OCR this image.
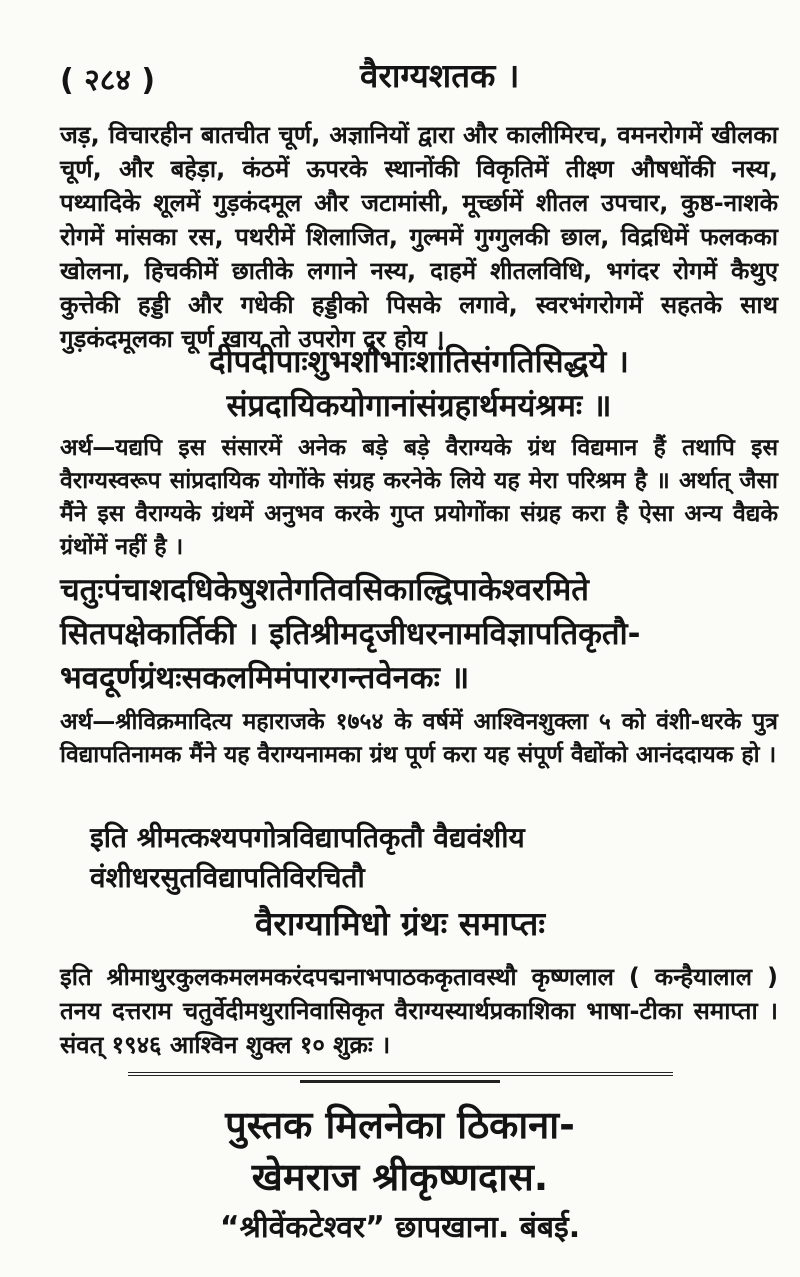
( २८४ )	वैराग्यशतक ।
जड़, विचारहीन बातचीत चूर्ण, अज्ञानियों द्वारा और कालीमिरच, वमनरोगमें खीलका चूर्ण, और बहेड़ा, कंठमें ऊपरके स्थानोंकी विकृतिमें तीक्ष्ण औषधोंकी नस्य, पथ्यादिके शूलमें गुड़कंदमूल और जटामांसी, मूर्च्छामें शीतल उपचार, कुष्ठ-नाशके रोगमें मांसका रस, पथरीमें शिलाजित, गुल्ममें गुग्गुलकी छाल, विद्रधिमें फलकका खोलना, हिचकीमें छातीके लगाने नस्य, दाहमें शीतलविधि, भगंदर रोगमें कैथुए कुत्तेकी हड्डी और गधेकी हड्डीको पिसके लगावे, स्वरभंगरोगमें सहतके साथ गुड़कंदमूलका चूर्ण खाय तो उपरोग दूर होय ।
दीपदीपाःशुभशोभाःशांतिसंगतिसिद्धये ।
संप्रदायिकयोगानांसंग्रहार्थमयंश्रमः ॥
अर्थ—यद्यपि इस संसारमें अनेक बड़े बड़े वैराग्यके ग्रंथ विद्यमान हैं तथापि इस वैराग्यस्वरूप सांप्रदायिक योगोंके संग्रह करनेके लिये यह मेरा परिश्रम है ॥ अर्थात् जैसा मैंने इस वैराग्यके ग्रंथमें अनुभव करके गुप्त प्रयोगोंका संग्रह करा है ऐसा अन्य वैद्यके ग्रंथोंमें नहीं है ।
चतुःपंचाशदधिकेषुशतेगतिवसिकाल्द्विपाकेश्वरमिते
सितपक्षेकार्तिकी । इतिश्रीमदृजीधरनामविज्ञापतिकृतौ-
भवदूर्णग्रंथःसकलमिमंपारगन्तवेनकः ॥
अर्थ—श्रीविक्रमादित्य महाराजके १७५४ के वर्षमें आश्विनशुक्ला ५ को वंशी-धरके पुत्र विद्यापतिनामक मैंने यह वैराग्यनामका ग्रंथ पूर्ण करा यह संपूर्ण वैद्योंको आनंददायक हो ।
इति श्रीमत्कश्यपगोत्रविद्यापतिकृतौ वैद्यवंशीय वंशीधरसुतविद्यापतिविरचितौ
वैराग्यामिधो ग्रंथः समाप्तः
इति श्रीमाथुरकुलकमलमकरंदपद्मनाभपाठककृतावस्थौ कृष्णलाल ( कन्हैयालाल ) तनय दत्तराम चतुर्वेदीमथुरानिवासिकृत वैराग्यस्यार्थप्रकाशिका भाषा-टीका समाप्ता । संवत् १९४६ आश्विन शुक्ल १० शुक्रः ।
पुस्तक मिलनेका ठिकाना-
खेमराज श्रीकृष्णदास.
“श्रीवेंकटेश्वर” छापखाना. बंबई.
